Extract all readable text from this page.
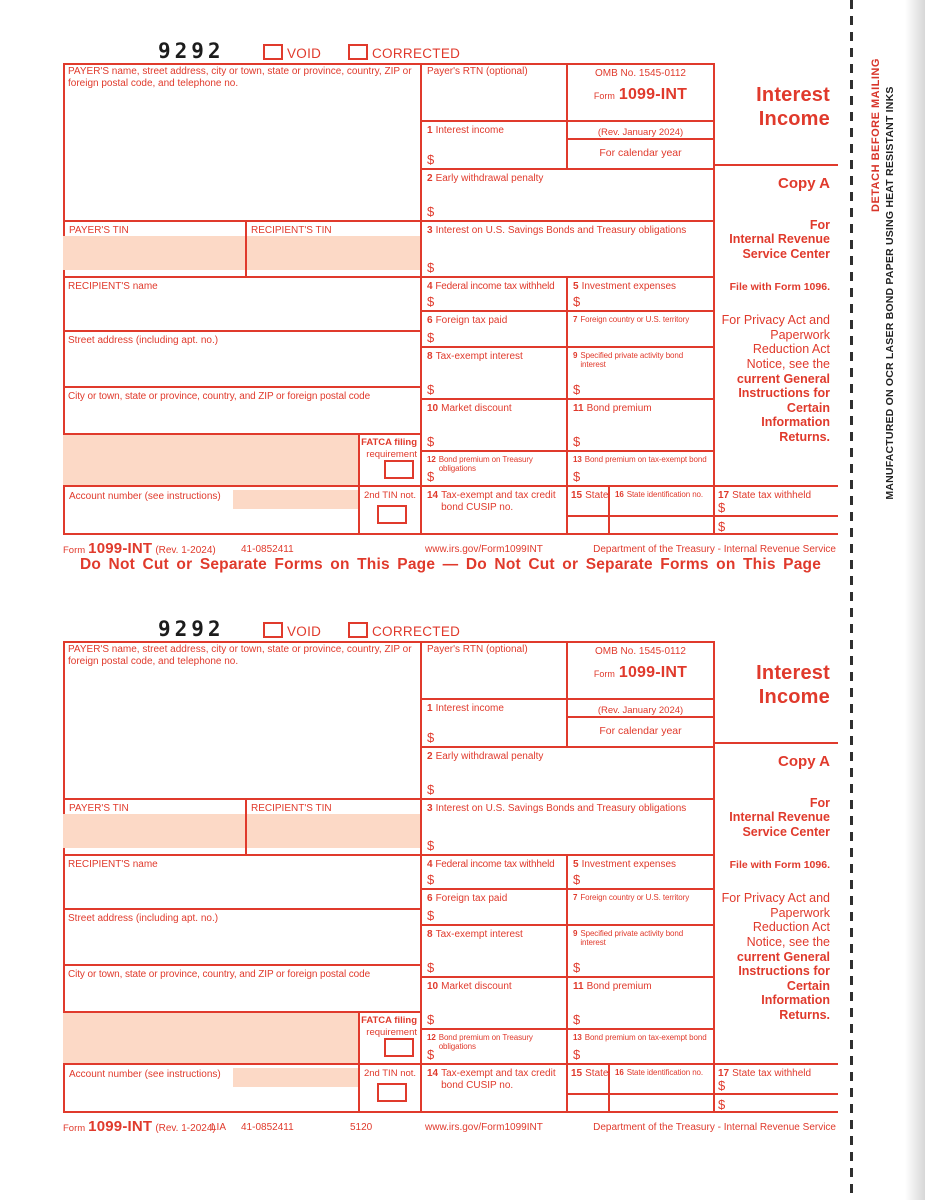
9292	VOID	CORRECTED
PAYER'S name, street address, city or town, state or province, country, ZIP or foreign postal code, and telephone no.
PAYER'S TIN	RECIPIENT'S TIN
RECIPIENT'S name
Street address (including apt. no.)
City or town, state or province, country, and ZIP or foreign postal code
FATCA filing
requirement
Account number (see instructions)	2nd TIN not.
Payer's RTN (optional)	OMB No. 1545-0112
Form 1099-INT
1 Interest income
$
(Rev. January 2024)
For calendar year
2 Early withdrawal penalty
$
3 Interest on U.S. Savings Bonds and Treasury obligations
$
4 Federal income tax withheld
$
5 Investment expenses
$
6 Foreign tax paid
$
7 Foreign country or U.S. territory
8 Tax-exempt interest
$
9 Specified private activity bond interest
$
10 Market discount
$
11 Bond premium
$
12 Bond premium on Treasury obligations
$
13 Bond premium on tax-exempt bond
$
14 Tax-exempt and tax credit bond CUSIP no.
15 State 16 State identification no. 17 State tax withheld
$
$
Interest
Income
Copy A
For
Internal Revenue
Service Center
File with Form 1096.
For Privacy Act and Paperwork Reduction Act Notice, see the
current General Instructions for Certain Information Returns.
Form 1099-INT (Rev. 1-2024)	41-0852411	www.irs.gov/Form1099INT	Department of the Treasury - Internal Revenue Service
Do Not Cut or Separate Forms on This Page — Do Not Cut or Separate Forms on This Page
9292	VOID	CORRECTED
PAYER'S name, street address, city or town, state or province, country, ZIP or foreign postal code, and telephone no.
PAYER'S TIN	RECIPIENT'S TIN
RECIPIENT'S name
Street address (including apt. no.)
City or town, state or province, country, and ZIP or foreign postal code
FATCA filing
requirement
Account number (see instructions)	2nd TIN not.
Payer's RTN (optional)	OMB No. 1545-0112
Form 1099-INT
1 Interest income
$
(Rev. January 2024)
For calendar year
2 Early withdrawal penalty
$
3 Interest on U.S. Savings Bonds and Treasury obligations
$
4 Federal income tax withheld
$
5 Investment expenses
$
6 Foreign tax paid
$
7 Foreign country or U.S. territory
8 Tax-exempt interest
$
9 Specified private activity bond interest
$
10 Market discount
$
11 Bond premium
$
12 Bond premium on Treasury obligations
$
13 Bond premium on tax-exempt bond
$
14 Tax-exempt and tax credit bond CUSIP no.
15 State 16 State identification no. 17 State tax withheld
$
$
Interest
Income
Copy A
For
Internal Revenue
Service Center
File with Form 1096.
For Privacy Act and Paperwork Reduction Act Notice, see the
current General Instructions for Certain Information Returns.
Form 1099-INT (Rev. 1-2024)
LIA 41-0852411	5120	www.irs.gov/Form1099INT	Department of the Treasury - Internal Revenue Service
DETACH BEFORE MAILING MANUFACTURED ON OCR LASER BOND PAPER USING HEAT RESISTANT INKS
